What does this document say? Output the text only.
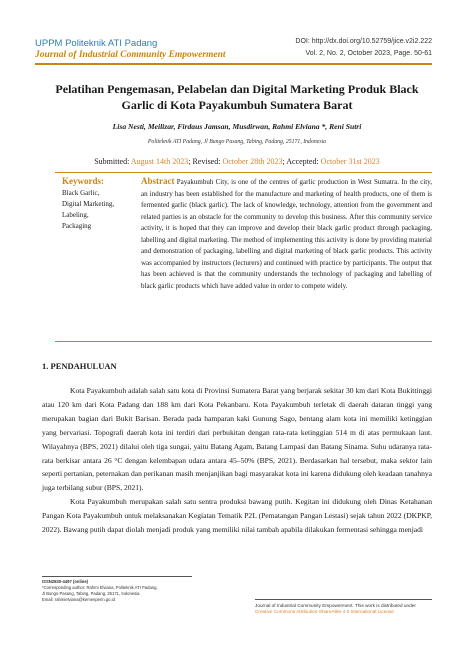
UPPM Politeknik ATI Padang
Journal of Industrial Community Empowerment
DOI: http://dx.doi.org/10.52759/jice.v2i2.222
Vol. 2, No. 2, October 2023, Page. 50-61
Pelatihan Pengemasan, Pelabelan dan Digital Marketing Produk Black Garlic di Kota Payakumbuh Sumatera Barat
Lisa Nesti, Meilizar, Firdaus Jamsan, Musdirwan, Rahmi Elviana *, Reni Sutri
Politeknik ATI Padang, Jl Bungo Pasang, Tabing, Padang, 25171, Indonesia
Submitted: August 14th 2023; Revised: October 28th 2023; Accepted: October 31st 2023
Keywords:
Black Garlic,
Digital Marketing,
Labeling,
Packaging
Abstract Payakumbuh City, is one of the centres of garlic production in West Sumatra. In the city, an industry has been established for the manufacture and marketing of health products, one of them is fermented garlic (black garlic). The lack of knowledge, technology, attention from the government and related parties is an obstacle for the community to develop this business. After this community service activity, it is hoped that they can improve and develop their black garlic product through packaging, labelling and digital marketing. The method of implementing this activity is done by providing material and demonstration of packaging, labelling and digital marketing of black garlic products. This activity was accompanied by instructors (lecturers) and continued with practice by participants. The output that has been achieved is that the community understands the technology of packaging and labelling of black garlic products which have added value in order to compete widely.
1. PENDAHULUAN

Kota Payakumbuh adalah salah satu kota di Provinsi Sumatera Barat yang berjarak sekitar 30 km dari Kota Bukittinggi atau 120 km dari Kota Padang dan 188 km dari Kota Pekanbaru. Kota Payakumbuh terletak di daerah dataran tinggi yang merupakan bagian dari Bukit Barisan. Berada pada hamparan kaki Gunung Sago, bentang alam kota ini memiliki ketinggian yang bervariasi. Topografi daerah kota ini terdiri dari perbukitan dengan rata-rata ketinggian 514 m di atas permukaan laut. Wilayahnya (BPS, 2021) dilalui oleh tiga sungai, yaitu Batang Agam, Batang Lampasi dan Batang Sinama. Suhu udaranya rata-rata berkisar antara 26 °C dengan kelembapan udara antara 45–50% (BPS, 2021). Berdasarkan hal tersebut, maka sektor lain seperti pertanian, peternakan dan perikanan masih menjanjikan bagi masyarakat kota ini karena didukung oleh keadaan tanahnya juga terbilang subur (BPS, 2021).

Kota Payakumbuh merupakan salah satu sentra produksi bawang putih. Kegitan ini didukung oleh Dinas Ketahanan Pangan Kota Payakumbuh untuk melaksanakan Kegiatan Tematik P2L (Pematangan Pangan Lestasi) sejak tahun 2022 (DKPKP, 2022). Bawang putih dapat diolah menjadi produk yang memiliki nilai tambah apabila dilakukan fermentasi sehingga menjadi

ISSN2830-4497 (online)
*Corresponding author: Rahmi Elviana, Politeknik ATI Padang,
Jl Bungo Pasang, Tabing, Padang, 25171, Indonesia
Email: rahmielviana@kemenperin.go.id
Journal of Industrial Community Empowerment. This work is distributed under Creative Commons Attribution-ShareAlike 4.0 International License
